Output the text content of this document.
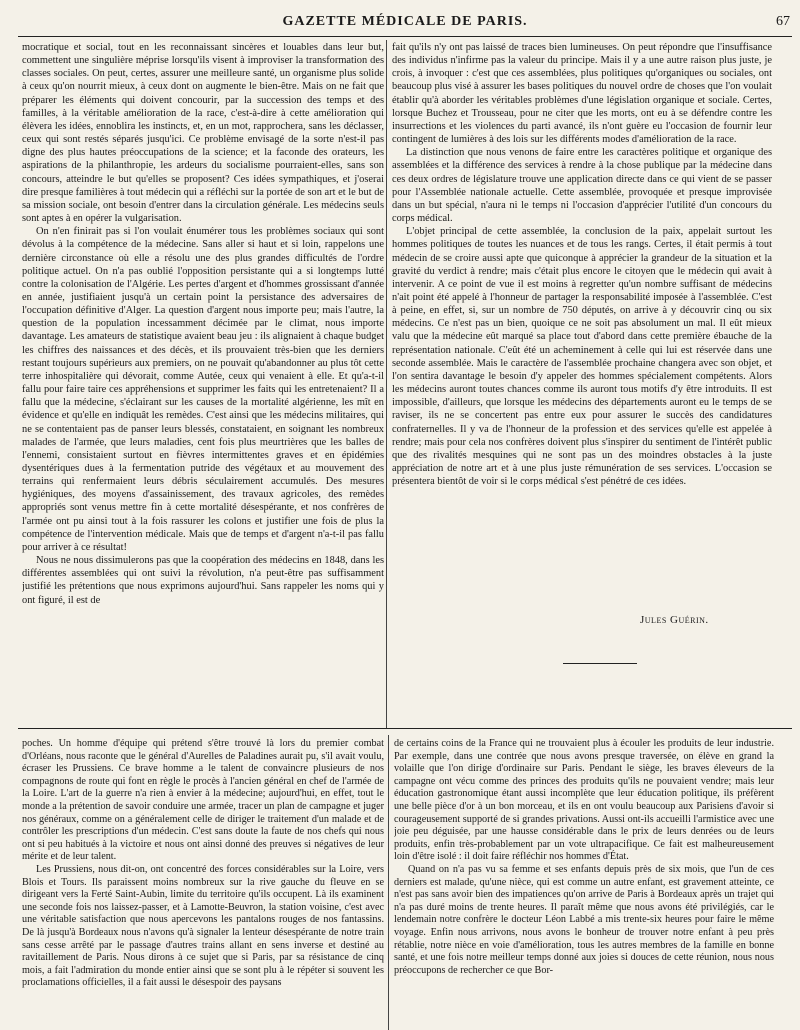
GAZETTE MÉDICALE DE PARIS.	67

mocratique et social, tout en les reconnaissant sincères et louables dans leur but, commettent une singulière méprise lorsqu'ils visent à improviser la transformation des classes sociales. On peut, certes, assurer une meilleure santé, un organisme plus solide à ceux qu'on nourrit mieux, à ceux dont on augmente le bien-être. Mais on ne fait que préparer les éléments qui doivent concourir, par la succession des temps et des familles, à la véritable amélioration de la race, c'est-à-dire à cette amélioration qui élèvera les idées, ennoblira les instincts, et, en un mot, rapprochera, sans les déclasser, ceux qui sont restés séparés jusqu'ici. Ce problème envisagé de la sorte n'est-il pas digne des plus hautes préoccupations de la science; et la faconde des orateurs, les aspirations de la philanthropie, les ardeurs du socialisme pourraient-elles, sans son concours, atteindre le but qu'elles se proposent? Ces idées sympathiques, et j'oserai dire presque familières à tout médecin qui a réfléchi sur la portée de son art et le but de sa mission sociale, ont besoin d'entrer dans la circulation générale. Les médecins seuls sont aptes à en opérer la vulgarisation.

On n'en finirait pas si l'on voulait énumérer tous les problèmes sociaux qui sont dévolus à la compétence de la médecine. Sans aller si haut et si loin, rappelons une dernière circonstance où elle a résolu une des plus grandes difficultés de l'ordre politique actuel. On n'a pas oublié l'opposition persistante qui a si longtemps lutté contre la colonisation de l'Algérie. Les pertes d'argent et d'hommes grossissant d'année en année, justifiaient jusqu'à un certain point la persistance des adversaires de l'occupation définitive d'Alger. La question d'argent nous importe peu; mais l'autre, la question de la population incessamment décimée par le climat, nous importe davantage. Les amateurs de statistique avaient beau jeu : ils alignaient à chaque budget les chiffres des naissances et des décès, et ils prouvaient très-bien que les derniers restant toujours supérieurs aux premiers, on ne pouvait qu'abandonner au plus tôt cette terre inhospitalière qui dévorait, comme Autée, ceux qui venaient à elle. Et qu'a-t-il fallu pour faire taire ces appréhensions et supprimer les faits qui les entretenaient? Il a fallu que la médecine, s'éclairant sur les causes de la mortalité algérienne, les mît en évidence et qu'elle en indiquât les remèdes. C'est ainsi que les médecins militaires, qui ne se contentaient pas de panser leurs blessés, constataient, en soignant les nombreux malades de l'armée, que leurs maladies, cent fois plus meurtrières que les balles de l'ennemi, consistaient surtout en fièvres intermittentes graves et en épidémies dysentériques dues à la fermentation putride des végétaux et au mouvement des terrains qui renfermaient leurs débris séculairement accumulés. Des mesures hygiéniques, des moyens d'assainissement, des travaux agricoles, des remèdes appropriés sont venus mettre fin à cette mortalité désespérante, et nos confrères de l'armée ont pu ainsi tout à la fois rassurer les colons et justifier une fois de plus la compétence de l'intervention médicale. Mais que de temps et d'argent n'a-t-il pas fallu pour arriver à ce résultat!

Nous ne nous dissimulerons pas que la coopération des médecins en 1848, dans les différentes assemblées qui ont suivi la révolution, n'a peut-être pas suffisamment justifié les prétentions que nous exprimons aujourd'hui. Sans rappeler les noms qui y ont figuré, il est de

fait qu'ils n'y ont pas laissé de traces bien lumineuses. On peut répondre que l'insuffisance des individus n'infirme pas la valeur du principe. Mais il y a une autre raison plus juste, je crois, à invoquer : c'est que ces assemblées, plus politiques qu'organiques ou sociales, ont beaucoup plus visé à assurer les bases politiques du nouvel ordre de choses que l'on voulait établir qu'à aborder les véritables problèmes d'une législation organique et sociale. Certes, lorsque Buchez et Trousseau, pour ne citer que les morts, ont eu à se défendre contre les insurrections et les violences du parti avancé, ils n'ont guère eu l'occasion de fournir leur contingent de lumières à des lois sur les différents modes d'amélioration de la race.

La distinction que nous venons de faire entre les caractères politique et organique des assemblées et la différence des services à rendre à la chose publique par la médecine dans ces deux ordres de législature trouve une application directe dans ce qui vient de se passer pour l'Assemblée nationale actuelle. Cette assemblée, provoquée et presque improvisée dans un but spécial, n'aura ni le temps ni l'occasion d'apprécier l'utilité d'un concours du corps médical.

L'objet principal de cette assemblée, la conclusion de la paix, appelait surtout les hommes politiques de toutes les nuances et de tous les rangs. Certes, il était permis à tout médecin de se croire aussi apte que quiconque à apprécier la grandeur de la situation et la gravité du verdict à rendre; mais c'était plus encore le citoyen que le médecin qui avait à intervenir. A ce point de vue il est moins à regretter qu'un nombre suffisant de médecins n'ait point été appelé à l'honneur de partager la responsabilité imposée à l'assemblée. C'est à peine, en effet, si, sur un nombre de 750 députés, on arrive à y découvrir cinq ou six médecins. Ce n'est pas un bien, quoique ce ne soit pas absolument un mal. Il eût mieux valu que la médecine eût marqué sa place tout d'abord dans cette première ébauche de la représentation nationale. C'eût été un acheminement à celle qui lui est réservée dans une seconde assemblée. Mais le caractère de l'assemblée prochaine changera avec son objet, et l'on sentira davantage le besoin d'y appeler des hommes spécialement compétents. Alors les médecins auront toutes chances comme ils auront tous motifs d'y être introduits. Il est impossible, d'ailleurs, que lorsque les médecins des départements auront eu le temps de se raviser, ils ne se concertent pas entre eux pour assurer le succès des candidatures confraternelles. Il y va de l'honneur de la profession et des services qu'elle est appelée à rendre; mais pour cela nos confrères doivent plus s'inspirer du sentiment de l'intérêt public que des rivalités mesquines qui ne sont pas un des moindres obstacles à la juste appréciation de notre art et à une plus juste rémunération de ses services. L'occasion se présentera bientôt de voir si le corps médical s'est pénétré de ces idées.

Jules Guérin.

poches. Un homme d'équipe qui prétend s'être trouvé là lors du premier combat d'Orléans, nous raconte que le général d'Aurelles de Paladines aurait pu, s'il avait voulu, écraser les Prussiens. Ce brave homme a le talent de convaincre plusieurs de nos compagnons de route qui font en règle le procès à l'ancien général en chef de l'armée de la Loire. L'art de la guerre n'a rien à envier à la médecine; aujourd'hui, en effet, tout le monde a la prétention de savoir conduire une armée, tracer un plan de campagne et juger nos généraux, comme on a généralement celle de diriger le traitement d'un malade et de contrôler les prescriptions d'un médecin. C'est sans doute la faute de nos chefs qui nous ont si peu habitués à la victoire et nous ont ainsi donné des preuves si négatives de leur mérite et de leur talent.

Les Prussiens, nous dit-on, ont concentré des forces considérables sur la Loire, vers Blois et Tours. Ils paraissent moins nombreux sur la rive gauche du fleuve en se dirigeant vers la Ferté Saint-Aubin, limite du territoire qu'ils occupent. Là ils examinent une seconde fois nos laissez-passer, et à Lamotte-Beuvron, la station voisine, c'est avec une véritable satisfaction que nous apercevons les pantalons rouges de nos fantassins. De là jusqu'à Bordeaux nous n'avons qu'à signaler la lenteur désespérante de notre train sans cesse arrêté par le passage d'autres trains allant en sens inverse et destiné au ravitaillement de Paris. Nous dirons à ce sujet que si Paris, par sa résistance de cinq mois, a fait l'admiration du monde entier ainsi que se sont plu à le répéter si souvent les proclamations officielles, il a fait aussi le désespoir des paysans

de certains coins de la France qui ne trouvaient plus à écouler les produits de leur industrie. Par exemple, dans une contrée que nous avons presque traversée, on élève en grand la volaille que l'on dirige d'ordinaire sur Paris. Pendant le siège, les braves éleveurs de la campagne ont vécu comme des princes des produits qu'ils ne pouvaient vendre; mais leur éducation gastronomique étant aussi incomplète que leur éducation politique, ils préfèrent une belle pièce d'or à un bon morceau, et ils en ont voulu beaucoup aux Parisiens d'avoir si courageusement supporté de si grandes privations. Aussi ont-ils accueilli l'armistice avec une joie peu déguisée, par une hausse considérable dans le prix de leurs denrées ou de leurs produits, enfin très-probablement par un vote ultrapacifique. Ce fait est malheureusement loin d'être isolé : il doit faire réfléchir nos hommes d'État.

Quand on n'a pas vu sa femme et ses enfants depuis près de six mois, que l'un de ces derniers est malade, qu'une nièce, qui est comme un autre enfant, est gravement atteinte, ce n'est pas sans avoir bien des impatiences qu'on arrive de Paris à Bordeaux après un trajet qui n'a pas duré moins de trente heures. Il paraît même que nous avons été privilégiés, car le lendemain notre confrère le docteur Léon Labbé a mis trente-six heures pour faire le même voyage. Enfin nous arrivons, nous avons le bonheur de trouver notre enfant à peu près rétablie, notre nièce en voie d'amélioration, tous les autres membres de la famille en bonne santé, et une fois notre meilleur temps donné aux joies si douces de cette réunion, nous nous préoccupons de rechercher ce que Bor-
